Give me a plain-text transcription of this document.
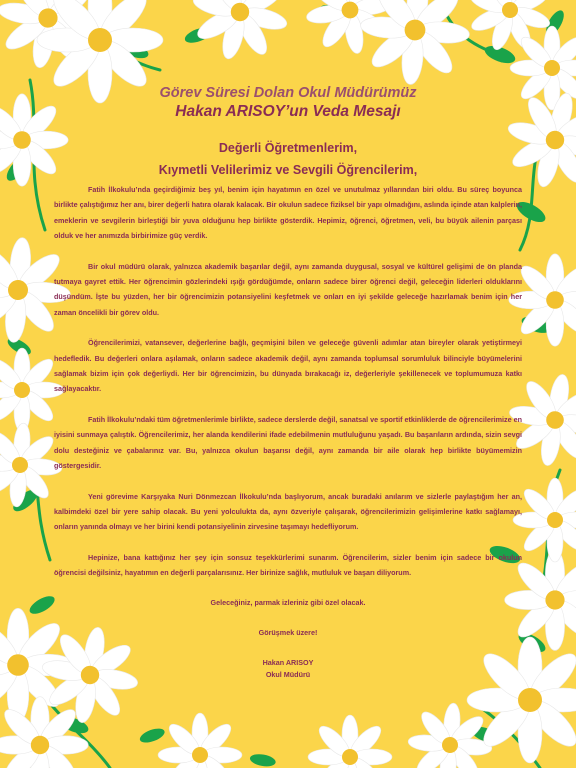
Görev Süresi Dolan Okul Müdürümüz

Hakan ARISOY’un Veda Mesajı

Değerli Öğretmenlerim,

Kıymetli Velilerimiz ve Sevgili Öğrencilerim,

Fatih İlkokulu’nda geçirdiğimiz beş yıl, benim için hayatımın en özel ve unutulmaz yıllarından biri oldu. Bu süreç boyunca birlikte çalıştığımız her anı, birer değerli hatıra olarak kalacak. Bir okulun sadece fiziksel bir yapı olmadığını, aslında içinde atan kalplerin, emeklerin ve sevgilerin birleştiği bir yuva olduğunu hep birlikte gösterdik. Hepimiz, öğrenci, öğretmen, veli, bu büyük ailenin parçası olduk ve her anımızda birbirimize güç verdik.

Bir okul müdürü olarak, yalnızca akademik başarılar değil, aynı zamanda duygusal, sosyal ve kültürel gelişimi de ön planda tutmaya gayret ettik. Her öğrencimin gözlerindeki ışığı gördüğümde, onların sadece birer öğrenci değil, geleceğin liderleri olduklarını düşündüm. İşte bu yüzden, her bir öğrencimizin potansiyelini keşfetmek ve onları en iyi şekilde geleceğe hazırlamak benim için her zaman öncelikli bir görev oldu.

Öğrencilerimizi, vatansever, değerlerine bağlı, geçmişini bilen ve geleceğe güvenli adımlar atan bireyler olarak yetiştirmeyi hedefledik. Bu değerleri onlara aşılamak, onların sadece akademik değil, aynı zamanda toplumsal sorumluluk bilinciyle büyümelerini sağlamak bizim için çok değerliydi. Her bir öğrencimizin, bu dünyada bırakacağı iz, değerleriyle şekillenecek ve toplumumuza katkı sağlayacaktır.

Fatih İlkokulu’ndaki tüm öğretmenlerimle birlikte, sadece derslerde değil, sanatsal ve sportif etkinliklerde de öğrencilerimize en iyisini sunmaya çalıştık. Öğrencilerimiz, her alanda kendilerini ifade edebilmenin mutluluğunu yaşadı. Bu başarıların ardında, sizin sevgi dolu desteğiniz ve çabalarınız var. Bu, yalnızca okulun başarısı değil, aynı zamanda bir aile olarak hep birlikte büyümemizin göstergesidir.

Yeni görevime Karşıyaka Nuri Dönmezcan İlkokulu’nda başlıyorum, ancak buradaki anılarım ve sizlerle paylaştığım her an, kalbimdeki özel bir yere sahip olacak. Bu yeni yolculukta da, aynı özveriyle çalışarak, öğrencilerimizin gelişimlerine katkı sağlamayı, onların yanında olmayı ve her birini kendi potansiyelinin zirvesine taşımayı hedefliyorum.

Hepinize, bana kattığınız her şey için sonsuz teşekkürlerimi sunarım. Öğrencilerim, sizler benim için sadece bir okulun öğrencisi değilsiniz, hayatımın en değerli parçalarısınız. Her birinize sağlık, mutluluk ve başarı diliyorum.

Geleceğiniz, parmak izleriniz gibi özel olacak.

Görüşmek üzere!

Hakan ARISOY

Okul Müdürü
